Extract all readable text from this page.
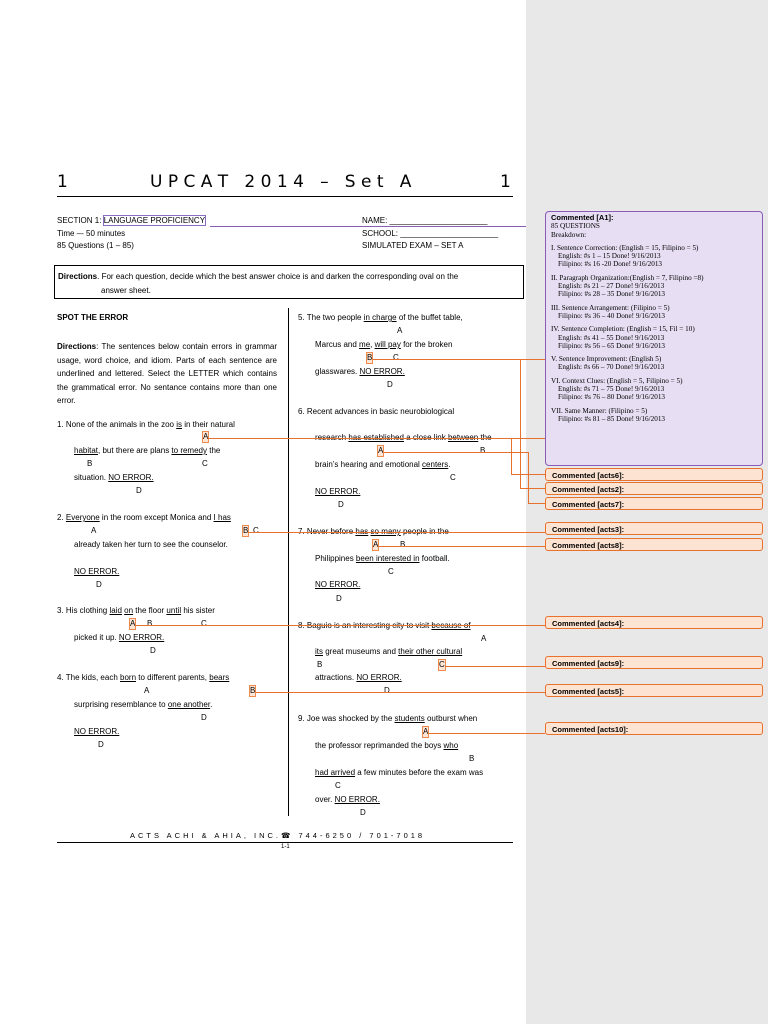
1	U P C A T   2 0 1 4   –   S e t   A	1
SECTION 1: LANGUAGE PROFICIENCY
Time –- 50 minutes
85 Questions (1 – 85)
NAME: ______________________
SCHOOL: ______________________
SIMULATED EXAM – SET A
Directions. For each question, decide which the best answer choice is and darken the corresponding oval on the
answer sheet.
SPOT THE ERROR
Directions: The sentences below contain errors in grammar usage, word choice, and idiom. Parts of each sentence are underlined and lettered. Select the LETTER which contains the grammatical error. No sentance contains more than one error.
1. None of the animals in the zoo is in their natural
A
habitat, but there are plans to remedy the
B	C
situation. NO ERROR.
D
2. Everyone in the room except Monica and I has
A	B C
already taken her turn to see the counselor.
NO ERROR.
D
3. His clothing laid on the floor until his sister
A B	C
picked it up. NO ERROR.
D
4. The kids, each born to different parents, bears
A	B
surprising resemblance to one another.
D
NO ERROR.
D
5. The two people in charge of the buffet table,
A
Marcus and me, will pay for the broken
B	C
glasswares. NO ERROR.
D
6. Recent advances in basic neurobiological
research has established a close link between the
A	B
brain’s hearing and emotional centers.
C
NO ERROR.
D
7. Never before has so many people in the
A	B
Philippines been interested in football.
C
NO ERROR.
D
8. Baguio is an interesting city to visit because of
A
its great museums and their other cultural
B	C
attractions. NO ERROR.
D
9. Joe was shocked by the students outburst when
A
the professor reprimanded the boys who
B
had arrived a few minutes before the exam was
C
over. NO ERROR.
D
ACTS ACHI & AHIA, INC.☎ 744-6250 / 701-7018
1-1
Commented [A1]:
85 QUESTIONS
Breakdown:
I. Sentence Correction: (English = 15, Filipino = 5)
English: #s 1 – 15 Done! 9/16/2013
Filipino: #s 16 -20 Done! 9/16/2013
II. Paragraph Organization:(English = 7, Filipino =8)
English: #s 21 – 27 Done! 9/16/2013
Filipino: #s 28 – 35 Done! 9/16/2013
III. Sentence Arrangement: (Filipino = 5)
Filipino: #s 36 – 40 Done! 9/16/2013
IV. Sentence Completion: (English = 15, Fil = 10)
English: #s 41 – 55 Done! 9/16/2013
Filipino: #s 56 – 65 Done! 9/16/2013
V. Sentence Improvement: (English 5)
English: #s 66 – 70 Done! 9/16/2013
VI. Context Clues: (English = 5, Filipino = 5)
English: #s 71 – 75 Done! 9/16/2013
Filipino: #s 76 – 80 Done! 9/16/2013
VII. Same Manner: (Filipino = 5)
Filipino: #s 81 – 85 Done! 9/16/2013
Commented [acts6]:
Commented [acts2]:
Commented [acts7]:
Commented [acts3]:
Commented [acts8]:
Commented [acts4]:
Commented [acts9]:
Commented [acts5]:
Commented [acts10]:
